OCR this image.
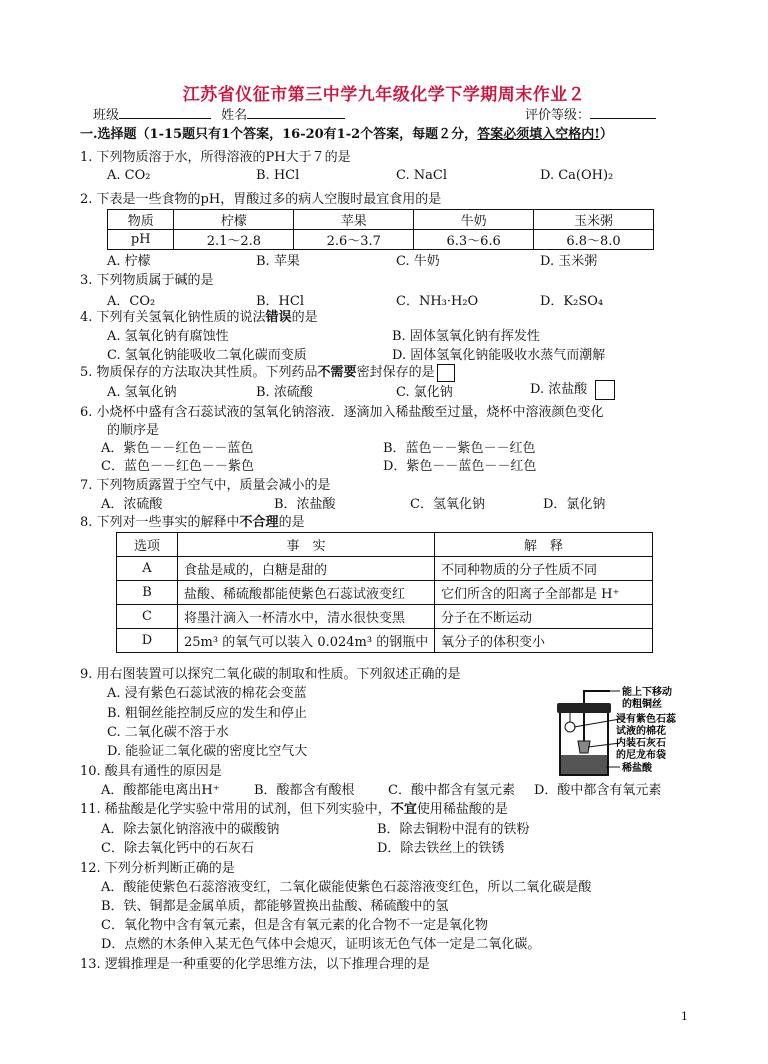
江苏省仪征市第三中学九年级化学下学期周末作业２
班级	姓名	评价等级：
一.选择题（1-15题只有1个答案，16-20有1-2个答案，每题２分，答案必须填入空格内!）
1. 下列物质溶于水，所得溶液的PH大于７的是
A. CO₂	B. HCl	C. NaCl	D. Ca(OH)₂
2. 下表是一些食物的pH，胃酸过多的病人空腹时最宜食用的是
物质	柠檬	苹果	牛奶	玉米粥
pH	2.1～2.8	2.6～3.7	6.3～6.6	6.8～8.0
A. 柠檬	B. 苹果	C. 牛奶	D. 玉米粥
3. 下列物质属于碱的是
A．CO₂	B．HCl	C．NH₃·H₂O	D．K₂SO₄
4. 下列有关氢氧化钠性质的说法错误的是
A. 氢氧化钠有腐蚀性	B. 固体氢氧化钠有挥发性
C. 氢氧化钠能吸收二氧化碳而变质	D. 固体氢氧化钠能吸收水蒸气而潮解
5. 物质保存的方法取决其性质。下列药品不需要密封保存的是
A. 氢氧化钠	B. 浓硫酸	C. 氯化钠	D. 浓盐酸
6. 小烧杯中盛有含石蕊试液的氢氧化钠溶液．逐滴加入稀盐酸至过量，烧杯中溶液颜色变化
的顺序是
A．紫色－－红色－－蓝色	B．蓝色－－紫色－－红色
C．蓝色－－红色－－紫色	D．紫色－－蓝色－－红色
7. 下列物质露置于空气中，质量会减小的是
A．浓硫酸	B．浓盐酸	C．氢氧化钠	D．氯化钠
8. 下列对一些事实的解释中不合理的是
选项	事　实	解　释
A	食盐是咸的，白糖是甜的	不同种物质的分子性质不同
B	盐酸、稀硫酸都能使紫色石蕊试液变红	它们所含的阳离子全部都是 H⁺
C	将墨汁滴入一杯清水中，清水很快变黑	分子在不断运动
D	25m³ 的氧气可以装入 0.024m³ 的钢瓶中	氧分子的体积变小
9. 用右图装置可以探究二氧化碳的制取和性质。下列叙述正确的是
A. 浸有紫色石蕊试液的棉花会变蓝
B. 粗铜丝能控制反应的发生和停止
C. 二氧化碳不溶于水
D. 能验证二氧化碳的密度比空气大
能上下移动
的粗铜丝
浸有紫色石蕊
试液的棉花
内装石灰石
的尼龙布袋
稀盐酸
10. 酸具有通性的原因是
A．酸都能电离出H⁺	B．酸都含有酸根	C．酸中都含有氢元素 D．酸中都含有氧元素
11. 稀盐酸是化学实验中常用的试剂，但下列实验中，不宜使用稀盐酸的是
A．除去氯化钠溶液中的碳酸钠	B．除去铜粉中混有的铁粉
C．除去氧化钙中的石灰石	D．除去铁丝上的铁锈
12. 下列分析判断正确的是
A．酸能使紫色石蕊溶液变红，二氧化碳能使紫色石蕊溶液变红色，所以二氧化碳是酸
B．铁、铜都是金属单质，都能够置换出盐酸、稀硫酸中的氢
C．氧化物中含有氧元素，但是含有氧元素的化合物不一定是氧化物
D．点燃的木条伸入某无色气体中会熄灭，证明该无色气体一定是二氧化碳。
13. 逻辑推理是一种重要的化学思维方法，以下推理合理的是
1
